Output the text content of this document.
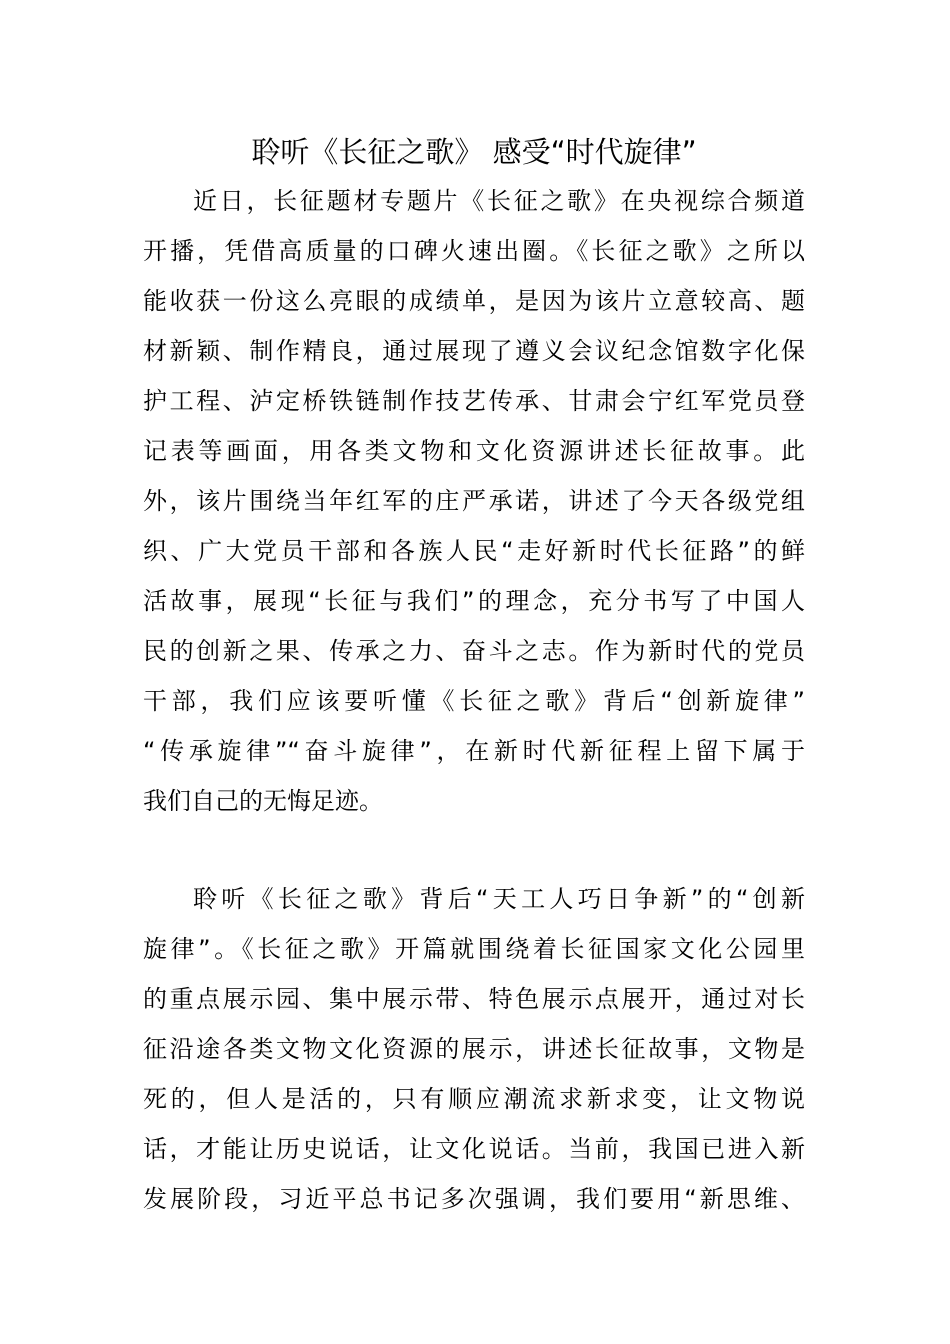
聆听《长征之歌》 感受“时代旋律”
近日，长征题材专题片《长征之歌》在央视综合频道
开播，凭借高质量的口碑火速出圈。《长征之歌》之所以
能收获一份这么亮眼的成绩单，是因为该片立意较高、题
材新颖、制作精良，通过展现了遵义会议纪念馆数字化保
护工程、泸定桥铁链制作技艺传承、甘肃会宁红军党员登
记表等画面，用各类文物和文化资源讲述长征故事。此
外，该片围绕当年红军的庄严承诺，讲述了今天各级党组
织、广大党员干部和各族人民“走好新时代长征路”的鲜
活故事，展现“长征与我们”的理念，充分书写了中国人
民的创新之果、传承之力、奋斗之志。作为新时代的党员
干部，我们应该要听懂《长征之歌》背后“创新旋律”
“传承旋律”“奋斗旋律”，在新时代新征程上留下属于
我们自己的无悔足迹。
聆听《长征之歌》背后“天工人巧日争新”的“创新
旋律”。《长征之歌》开篇就围绕着长征国家文化公园里
的重点展示园、集中展示带、特色展示点展开，通过对长
征沿途各类文物文化资源的展示，讲述长征故事，文物是
死的，但人是活的，只有顺应潮流求新求变，让文物说
话，才能让历史说话，让文化说话。当前，我国已进入新
发展阶段，习近平总书记多次强调，我们要用“新思维、
